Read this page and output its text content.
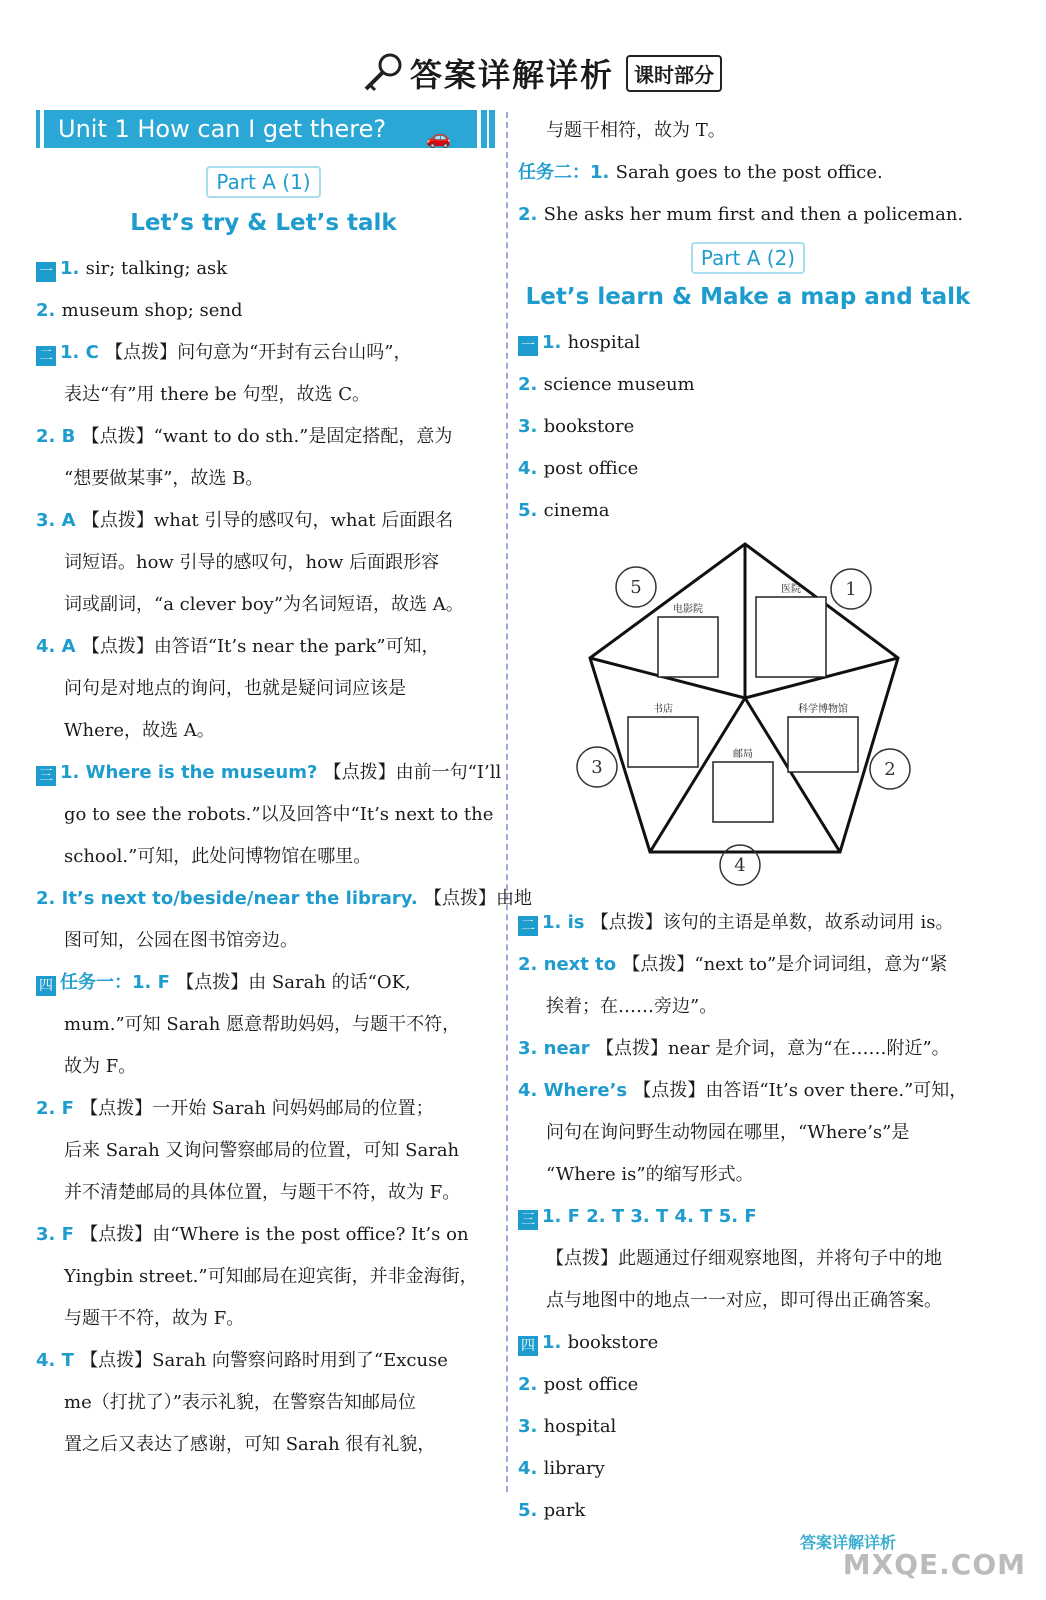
答案详解详析	课时部分
Unit 1 How can I get there? 🚗
Part A (1)
Let’s try & Let’s talk
一 1. sir; talking; ask
2. museum shop; send
二 1. C 【点拨】问句意为“开封有云台山吗”，
表达“有”用 there be 句型，故选 C。
2. B 【点拨】“want to do sth.”是固定搭配，意为
“想要做某事”，故选 B。
3. A 【点拨】what 引导的感叹句，what 后面跟名
词短语。how 引导的感叹句，how 后面跟形容
词或副词，“a clever boy”为名词短语，故选 A。
4. A 【点拨】由答语“It’s near the park”可知，
问句是对地点的询问，也就是疑问词应该是
Where，故选 A。
三 1. Where is the museum? 【点拨】由前一句“I’ll
go to see the robots.”以及回答中“It’s next to the
school.”可知，此处问博物馆在哪里。
2. It’s next to/beside/near the library. 【点拨】由地
图可知，公园在图书馆旁边。
四 任务一：1. F 【点拨】由 Sarah 的话“OK,
mum.”可知 Sarah 愿意帮助妈妈，与题干不符，
故为 F。
2. F 【点拨】一开始 Sarah 问妈妈邮局的位置；
后来 Sarah 又询问警察邮局的位置，可知 Sarah
并不清楚邮局的具体位置，与题干不符，故为 F。
3. F 【点拨】由“Where is the post office? It’s on
Yingbin street.”可知邮局在迎宾街，并非金海街，
与题干不符，故为 F。
4. T 【点拨】Sarah 向警察问路时用到了“Excuse
me（打扰了）”表示礼貌，在警察告知邮局位
置之后又表达了感谢，可知 Sarah 很有礼貌，
与题干相符，故为 T。
任务二：1. Sarah goes to the post office.
2. She asks her mum first and then a policeman.
Part A (2)
Let’s learn & Make a map and talk
一 1. hospital
2. science museum
3. bookstore
4. post office
5. cinema
5	1
3	2
4
电影院
医院
书店	科学博物馆
邮局
二 1. is 【点拨】该句的主语是单数，故系动词用 is。
2. next to 【点拨】“next to”是介词词组，意为“紧
挨着；在……旁边”。
3. near 【点拨】near 是介词，意为“在……附近”。
4. Where’s 【点拨】由答语“It’s over there.”可知，
问句在询问野生动物园在哪里，“Where’s”是
“Where is”的缩写形式。
三 1. F 2. T 3. T 4. T 5. F
【点拨】此题通过仔细观察地图，并将句子中的地
点与地图中的地点一一对应，即可得出正确答案。
四 1. bookstore
2. post office
3. hospital
4. library
5. park
答案详解详析
MXQE.COM
